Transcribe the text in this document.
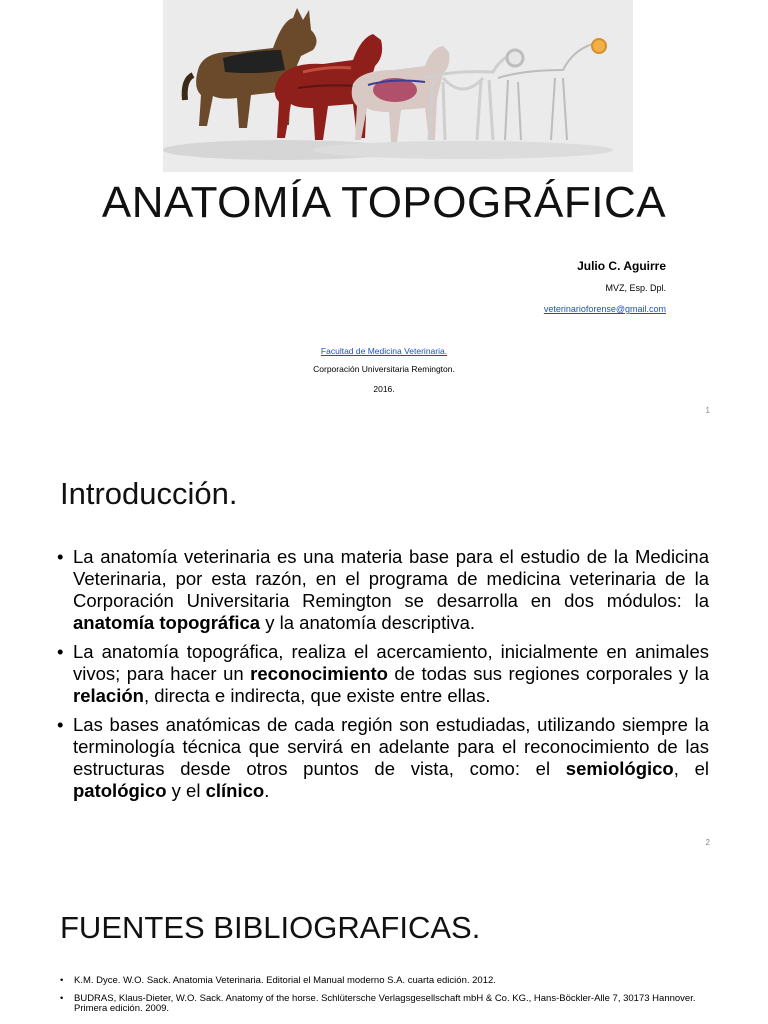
ANATOMÍA TOPOGRÁFICA
Julio C. Aguirre
MVZ, Esp. Dpl.
veterinarioforense@gmail.com
Facultad de Medicina Veterinaria.
Corporación Universitaria Remington.
2016.
1
Introducción.
• La anatomía veterinaria es una materia base para el estudio de la Medicina Veterinaria, por esta razón, en el programa de medicina veterinaria de la Corporación Universitaria Remington se desarrolla en dos módulos: la anatomía topográfica y la anatomía descriptiva.
• La anatomía topográfica, realiza el acercamiento, inicialmente en animales vivos; para hacer un reconocimiento de todas sus regiones corporales y la relación, directa e indirecta, que existe entre ellas.
• Las bases anatómicas de cada región son estudiadas, utilizando siempre la terminología técnica que servirá en adelante para el reconocimiento de las estructuras desde otros puntos de vista, como: el semiológico, el patológico y el clínico.
2
FUENTES BIBLIOGRAFICAS.
• K.M. Dyce. W.O. Sack. Anatomia Veterinaria. Editorial el Manual moderno S.A. cuarta edición. 2012.
• BUDRAS, Klaus-Dieter, W.O. Sack. Anatomy of the horse. Schlütersche Verlagsgesellschaft mbH & Co. KG., Hans-Böckler-Alle 7, 30173 Hannover. Primera edición. 2009.
